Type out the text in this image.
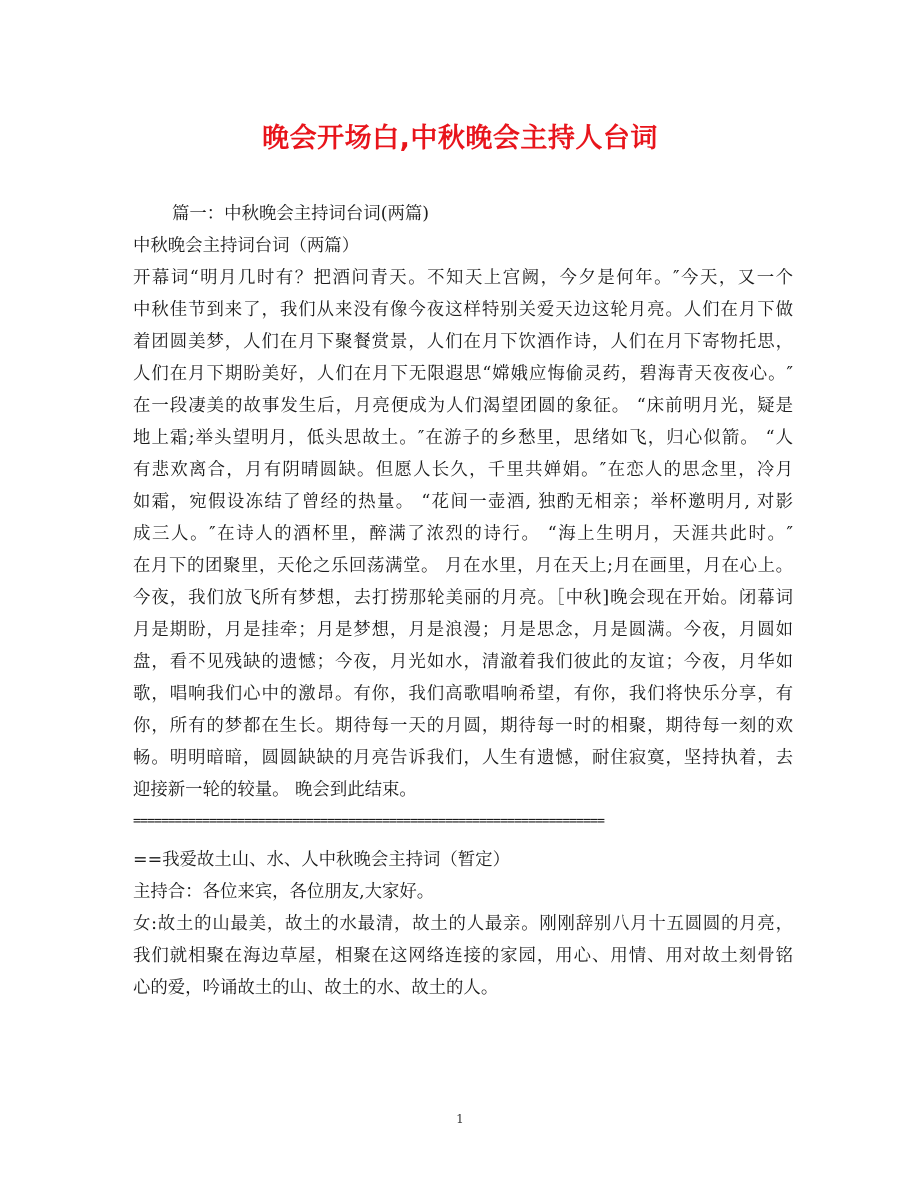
晚会开场白,中秋晚会主持人台词
篇一：中秋晚会主持词台词(两篇)
中秋晚会主持词台词（两篇）
开幕词“明月几时有？把酒问青天。不知天上宫阙，今夕是何年。″今天，又一个
中秋佳节到来了，我们从来没有像今夜这样特别关爱天边这轮月亮。人们在月下做
着团圆美梦，人们在月下聚餐赏景，人们在月下饮酒作诗，人们在月下寄物托思，
人们在月下期盼美好，人们在月下无限遐思“嫦娥应悔偷灵药，碧海青天夜夜心。″
在一段凄美的故事发生后，月亮便成为人们渴望团圆的象征。 “床前明月光，疑是
地上霜;举头望明月，低头思故土。″在游子的乡愁里，思绪如飞，归心似箭。 “人
有悲欢离合，月有阴晴圆缺。但愿人长久，千里共婵娟。″在恋人的思念里，冷月
如霜，宛假设冻结了曾经的热量。 “花间一壶酒, 独酌无相亲；举杯邀明月, 对影
成三人。″在诗人的酒杯里，醉满了浓烈的诗行。 “海上生明月，天涯共此时。″
在月下的团聚里，天伦之乐回荡满堂。 月在水里，月在天上;月在画里，月在心上。
今夜，我们放飞所有梦想，去打捞那轮美丽的月亮。［中秋]晚会现在开始。闭幕词
月是期盼，月是挂牵；月是梦想，月是浪漫；月是思念，月是圆满。今夜，月圆如
盘，看不见残缺的遗憾；今夜，月光如水，清澈着我们彼此的友谊；今夜，月华如
歌，唱响我们心中的激昂。有你，我们高歌唱响希望，有你，我们将快乐分享，有
你，所有的梦都在生长。期待每一天的月圆，期待每一时的相聚，期待每一刻的欢
畅。明明暗暗，圆圆缺缺的月亮告诉我们，人生有遗憾，耐住寂寞，坚持执着，去
迎接新一轮的较量。 晚会到此结束。
====================================================================
==我爱故土山、水、人中秋晚会主持词（暂定）
主持合：各位来宾，各位朋友,大家好。
女:故土的山最美，故土的水最清，故土的人最亲。刚刚辞别八月十五圆圆的月亮，
我们就相聚在海边草屋，相聚在这网络连接的家园，用心、用情、用对故土刻骨铭
心的爱，吟诵故土的山、故土的水、故土的人。
1
